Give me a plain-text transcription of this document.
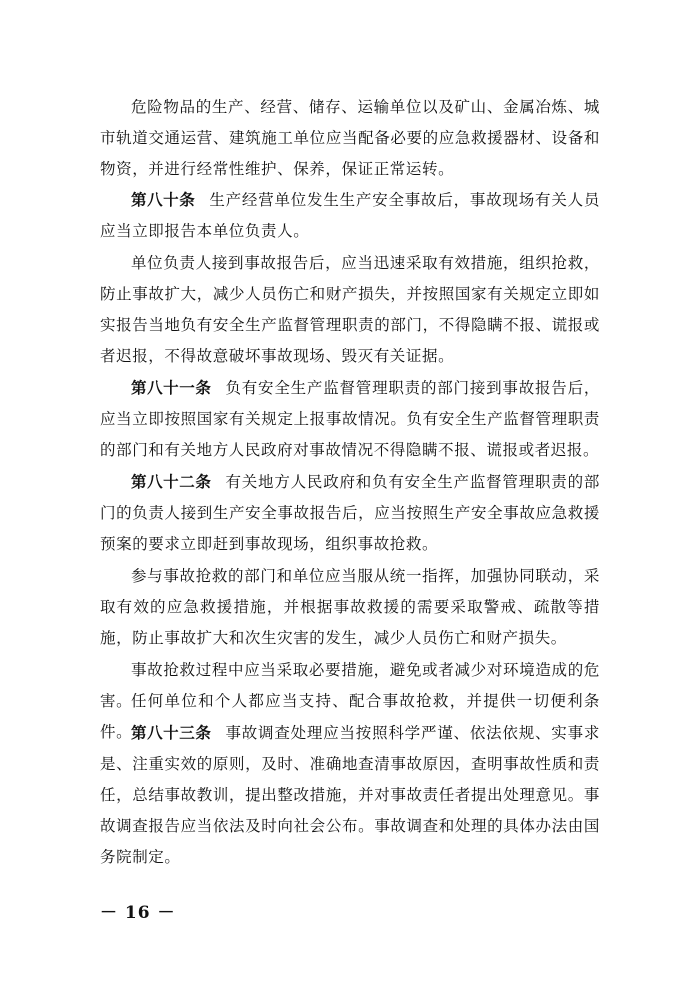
危险物品的生产、经营、储存、运输单位以及矿山、金属冶炼、城市轨道交通运营、建筑施工单位应当配备必要的应急救援器材、设备和物资，并进行经常性维护、保养，保证正常运转。

第八十条 生产经营单位发生生产安全事故后，事故现场有关人员应当立即报告本单位负责人。

单位负责人接到事故报告后，应当迅速采取有效措施，组织抢救，防止事故扩大，减少人员伤亡和财产损失，并按照国家有关规定立即如实报告当地负有安全生产监督管理职责的部门，不得隐瞒不报、谎报或者迟报，不得故意破坏事故现场、毁灭有关证据。

第八十一条 负有安全生产监督管理职责的部门接到事故报告后，应当立即按照国家有关规定上报事故情况。负有安全生产监督管理职责的部门和有关地方人民政府对事故情况不得隐瞒不报、谎报或者迟报。

第八十二条 有关地方人民政府和负有安全生产监督管理职责的部门的负责人接到生产安全事故报告后，应当按照生产安全事故应急救援预案的要求立即赶到事故现场，组织事故抢救。

参与事故抢救的部门和单位应当服从统一指挥，加强协同联动，采取有效的应急救援措施，并根据事故救援的需要采取警戒、疏散等措施，防止事故扩大和次生灾害的发生，减少人员伤亡和财产损失。

事故抢救过程中应当采取必要措施，避免或者减少对环境造成的危害。

任何单位和个人都应当支持、配合事故抢救，并提供一切便利条件。

第八十三条 事故调查处理应当按照科学严谨、依法依规、实事求是、注重实效的原则，及时、准确地查清事故原因，查明事故性质和责任，总结事故教训，提出整改措施，并对事故责任者提出处理意见。事故调查报告应当依法及时向社会公布。事故调查和处理的具体办法由国务院制定。

－ 16 －
